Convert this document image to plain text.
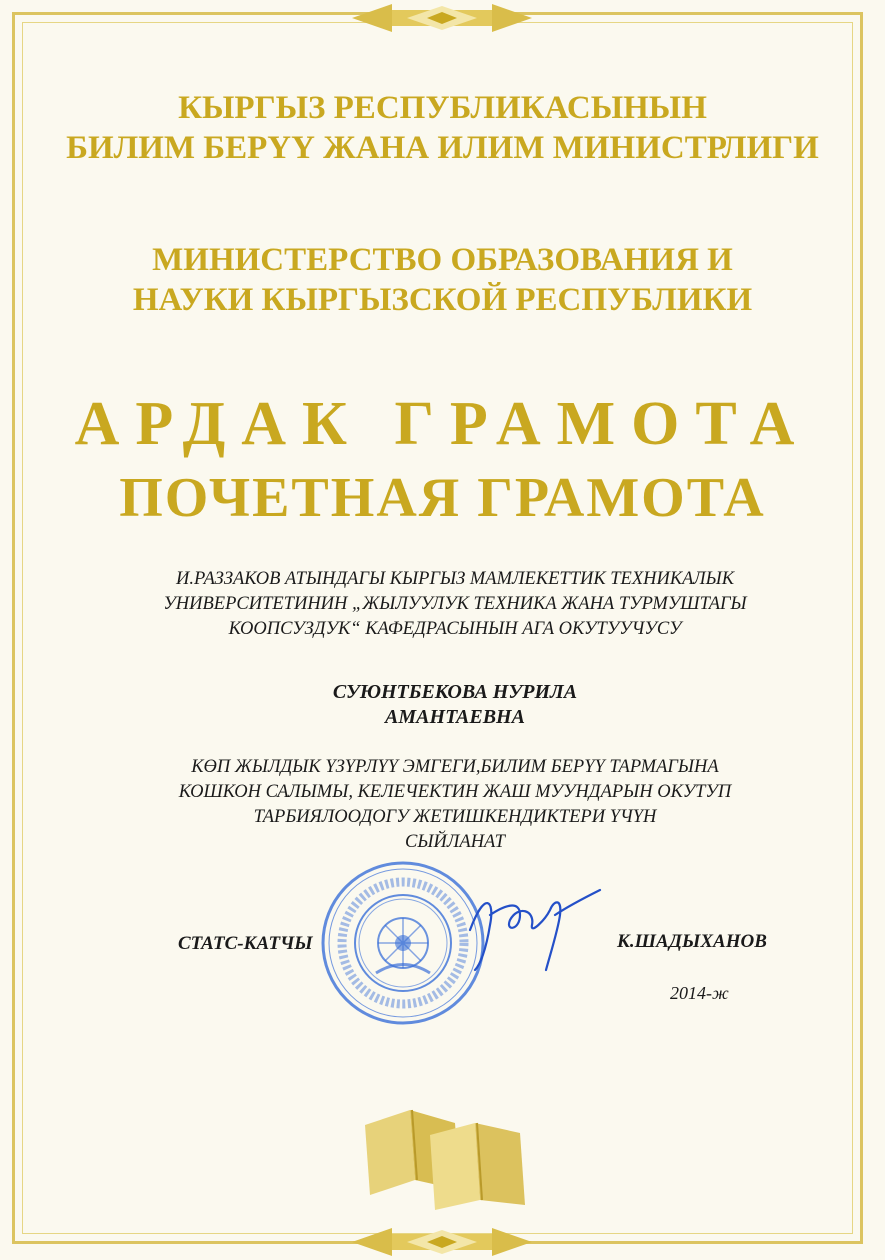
КЫРГЫЗ РЕСПУБЛИКАСЫНЫН
БИЛИМ БЕРҮҮ ЖАНА ИЛИМ МИНИСТРЛИГИ
МИНИСТЕРСТВО ОБРАЗОВАНИЯ И
НАУКИ КЫРГЫЗСКОЙ РЕСПУБЛИКИ
АРДАК ГРАМОТА
ПОЧЕТНАЯ ГРАМОТА
И.РАЗЗАКОВ АТЫНДАГЫ КЫРГЫЗ МАМЛЕКЕТТИК ТЕХНИКАЛЫК
УНИВЕРСИТЕТИНИН „ЖЫЛУУЛУК ТЕХНИКА ЖАНА ТУРМУШТАГЫ
КООПСУЗДУК“ КАФЕДРАСЫНЫН АГА ОКУТУУЧУСУ
СУЮНТБЕКОВА НУРИЛА
АМАНТАЕВНА
КӨП ЖЫЛДЫК ҮЗҮРЛҮҮ ЭМГЕГИ,БИЛИМ БЕРҮҮ ТАРМАГЫНА
КОШКОН САЛЫМЫ, КЕЛЕЧЕКТИН ЖАШ МУУНДАРЫН ОКУТУП
ТАРБИЯЛООДОГУ ЖЕТИШКЕНДИКТЕРИ ҮЧҮН
СЫЙЛАНАТ
СТАТС-КАТЧЫ	К.ШАДЫХАНОВ
2014-ж
